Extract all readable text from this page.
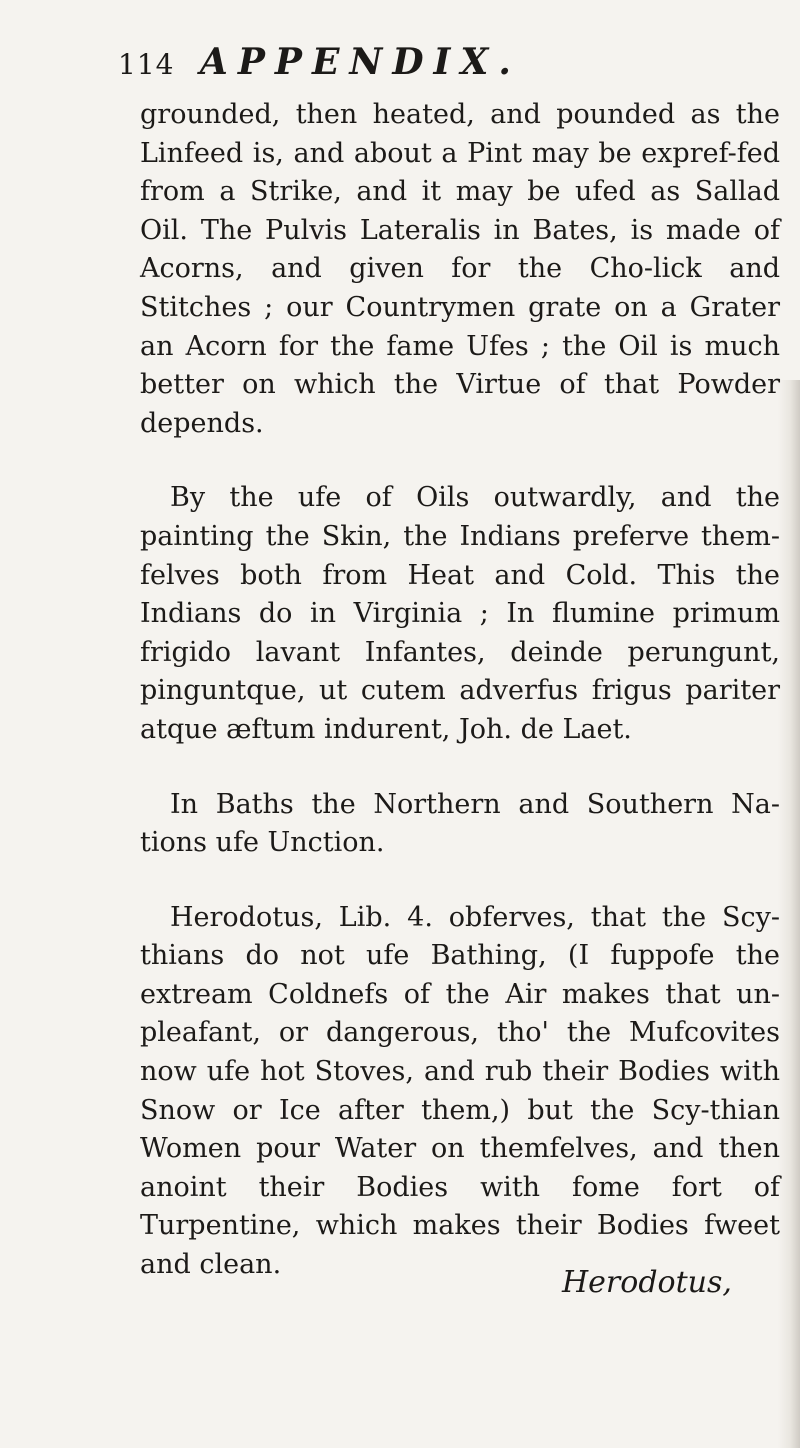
114 APPENDIX.

grounded, then heated, and pounded as the Linfeed is, and about a Pint may be expref-fed from a Strike, and it may be ufed as Sallad Oil. The Pulvis Lateralis in Bates, is made of Acorns, and given for the Cho-lick and Stitches ; our Countrymen grate on a Grater an Acorn for the fame Ufes ; the Oil is much better on which the Virtue of that Powder depends.

By the ufe of Oils outwardly, and the painting the Skin, the Indians preferve them-felves both from Heat and Cold. This the Indians do in Virginia ; In flumine primum frigido lavant Infantes, deinde perungunt, pinguntque, ut cutem adverfus frigus pariter atque æftum indurent, Joh. de Laet.

In Baths the Northern and Southern Na-tions ufe Unction.

Herodotus, Lib. 4. obferves, that the Scy-thians do not ufe Bathing, (I fuppofe the extream Coldnefs of the Air makes that un-pleafant, or dangerous, tho' the Mufcovites now ufe hot Stoves, and rub their Bodies with Snow or Ice after them,) but the Scy-thian Women pour Water on themfelves, and then anoint their Bodies with fome fort of Turpentine, which makes their Bodies fweet and clean.

Herodotus,
